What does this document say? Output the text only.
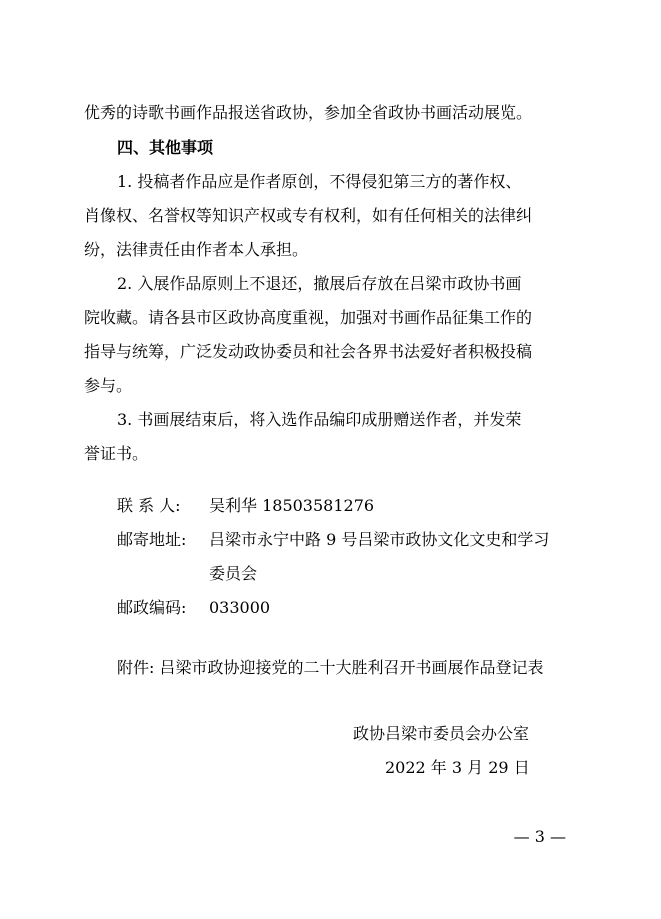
优秀的诗歌书画作品报送省政协，参加全省政协书画活动展览。
四、其他事项
1. 投稿者作品应是作者原创，不得侵犯第三方的著作权、
肖像权、名誉权等知识产权或专有权利，如有任何相关的法律纠
纷，法律责任由作者本人承担。
2. 入展作品原则上不退还，撤展后存放在吕梁市政协书画
院收藏。请各县市区政协高度重视，加强对书画作品征集工作的
指导与统筹，广泛发动政协委员和社会各界书法爱好者积极投稿
参与。
3. 书画展结束后，将入选作品编印成册赠送作者，并发荣
誉证书。
联 系 人: 吴利华 18503581276
邮寄地址: 吕梁市永宁中路 9 号吕梁市政协文化文史和学习
委员会
邮政编码: 033000
附件: 吕梁市政协迎接党的二十大胜利召开书画展作品登记表
政协吕梁市委员会办公室
2022 年 3 月 29 日
— 3 —
